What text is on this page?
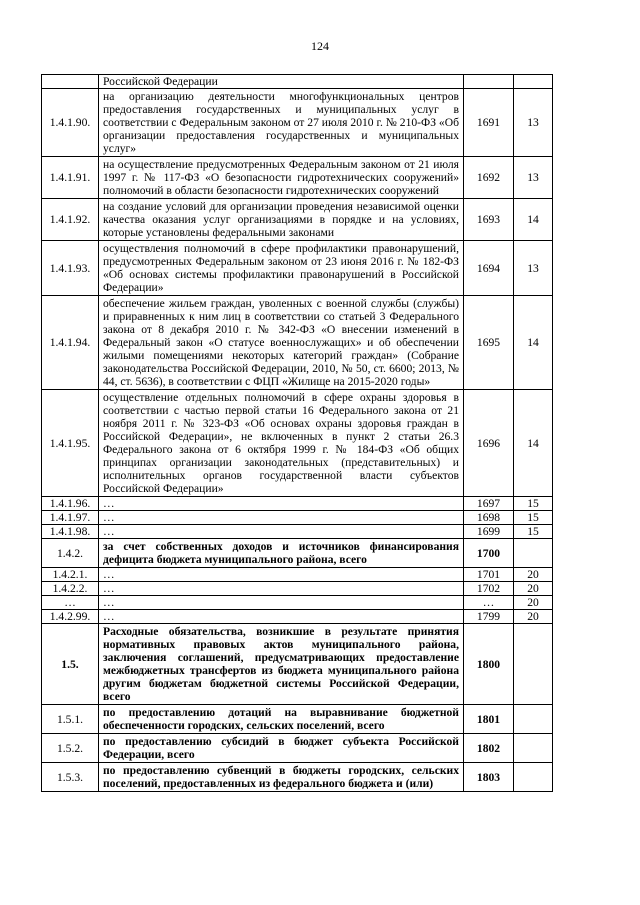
124
	Российской Федерации		
1.4.1.90.	на организацию деятельности многофункциональных центров предоставления государственных и муниципальных услуг в соответствии с Федеральным законом от 27 июля 2010 г. № 210-ФЗ «Об организации предоставления государственных и муниципальных услуг»	1691	13
1.4.1.91.	на осуществление предусмотренных Федеральным законом от 21 июля 1997 г. № 117-ФЗ «О безопасности гидротехнических сооружений» полномочий в области безопасности гидротехнических сооружений	1692	13
1.4.1.92.	на создание условий для организации проведения независимой оценки качества оказания услуг организациями в порядке и на условиях, которые установлены федеральными законами	1693	14
1.4.1.93.	осуществления полномочий в сфере профилактики правонарушений, предусмотренных Федеральным законом от 23 июня 2016 г. № 182-ФЗ «Об основах системы профилактики правонарушений в Российской Федерации»	1694	13
1.4.1.94.	обеспечение жильем граждан, уволенных с военной службы (службы) и приравненных к ним лиц в соответствии со статьей 3 Федерального закона от 8 декабря 2010 г. № 342-ФЗ «О внесении изменений в Федеральный закон «О статусе военнослужащих» и об обеспечении жилыми помещениями некоторых категорий граждан» (Собрание законодательства Российской Федерации, 2010, № 50, ст. 6600; 2013, № 44, ст. 5636), в соответствии с ФЦП «Жилище на 2015-2020 годы»	1695	14
1.4.1.95.	осуществление отдельных полномочий в сфере охраны здоровья в соответствии с частью первой статьи 16 Федерального закона от 21 ноября 2011 г. № 323-ФЗ «Об основах охраны здоровья граждан в Российской Федерации», не включенных в пункт 2 статьи 26.3 Федерального закона от 6 октября 1999 г. № 184-ФЗ «Об общих принципах организации законодательных (представительных) и исполнительных органов государственной власти субъектов Российской Федерации»	1696	14
1.4.1.96.	…	1697	15
1.4.1.97.	…	1698	15
1.4.1.98.	…	1699	15
1.4.2.	за счет собственных доходов и источников финансирования дефицита бюджета муниципального района, всего	1700	
1.4.2.1.	…	1701	20
1.4.2.2.	…	1702	20
…	…	…	20
1.4.2.99.	…	1799	20
1.5.	Расходные обязательства, возникшие в результате принятия нормативных правовых актов муниципального района, заключения соглашений, предусматривающих предоставление межбюджетных трансфертов из бюджета муниципального района другим бюджетам бюджетной системы Российской Федерации, всего	1800	
1.5.1.	по предоставлению дотаций на выравнивание бюджетной обеспеченности городских, сельских поселений, всего	1801	
1.5.2.	по предоставлению субсидий в бюджет субъекта Российской Федерации, всего	1802	
1.5.3.	по предоставлению субвенций в бюджеты городских, сельских поселений, предоставленных из федерального бюджета и (или)	1803	
